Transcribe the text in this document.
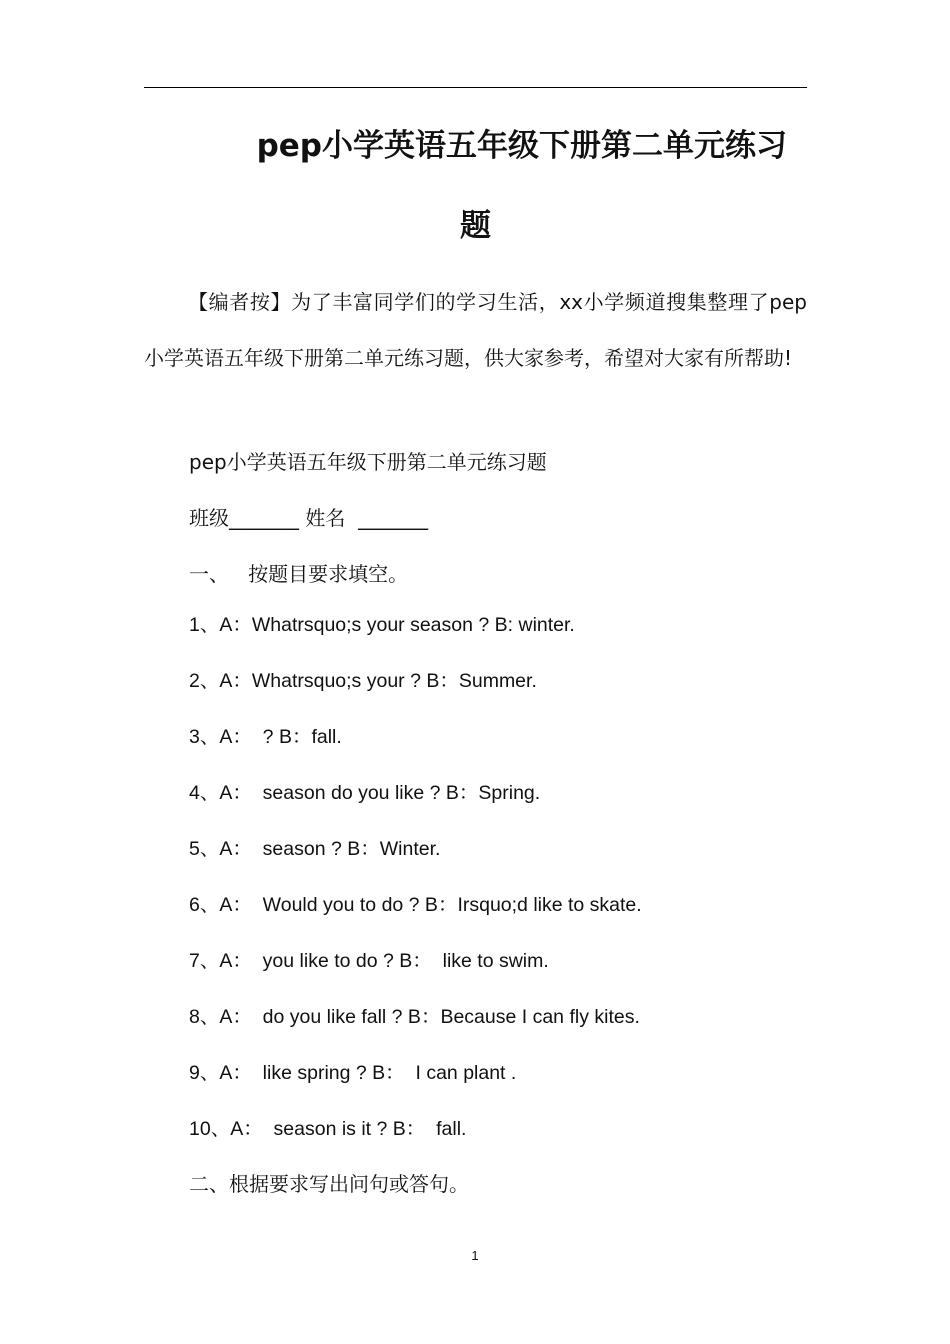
pep小学英语五年级下册第二单元练习
题

【编者按】为了丰富同学们的学习生活，xx小学频道搜集整理了pep小学英语五年级下册第二单元练习题，供大家参考，希望对大家有所帮助!

pep小学英语五年级下册第二单元练习题

班级_______ 姓名  _______

一、   按题目要求填空。

1、A：Whatrsquo;s your season ? B: winter.

2、A：Whatrsquo;s your ? B：Summer.

3、A：  ? B：fall.

4、A：  season do you like ? B：Spring.

5、A：  season ? B：Winter.

6、A：  Would you to do ? B：Irsquo;d like to skate.

7、A：  you like to do ? B：  like to swim.

8、A：  do you like fall ? B：Because I can fly kites.

9、A：  like spring ? B：  I can plant .

10、A：  season is it ? B：  fall.

二、根据要求写出问句或答句。

1
